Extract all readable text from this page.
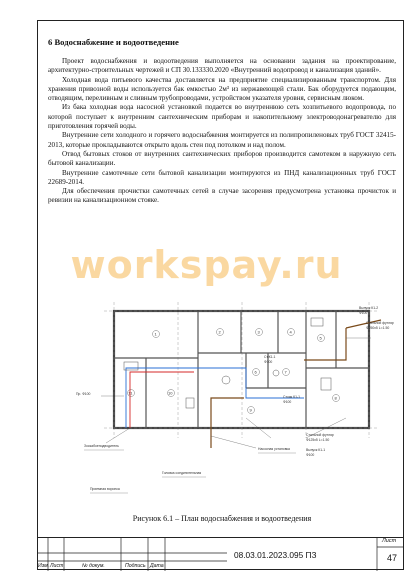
6 Водоснабжение и водоотведение

Проект водоснабжения и водоотведения выполняется на основании задания на проектирование, архитектурно-строительных чертежей и СП 30.133330.2020 «Внутренний водопровод и канализация зданий».

Холодная вода питьевого качества доставляется на предприятие специализированным транспортом. Для хранения привозной воды используется бак емкостью 2м³ из нержавеющей стали. Бак оборудуется подающим, отводящим, переливным и сливным трубопроводами, устройством указателя уровня, сервисным люком.

Из бака холодная вода насосной установкой подается во внутреннюю сеть хозпитьевого водопровода, по которой поступает к внутренним сантехническим приборам и накопительному электроводонагревателю для приготовления горячей воды.

Внутренние сети холодного и горячего водоснабжения монтируется из полипропиленовых труб ГОСТ 32415-2013, которые прокладываются открыто вдоль стен под потолком и над полом.

Отвод бытовых стоков от внутренних сантехнических приборов производится самотеком в наружную сеть бытовой канализации.

Внутренние самотечные сети бытовой канализации монтируются из ПНД канализационных труб ГОСТ 22689-2014.

Для обеспечения прочистки самотечных сетей в случае засорения предусмотрена установка прочисток и ревизии на канализационном стояке.

workspay.ru
1	2	3	4
5
6	7
8
9
10
11
Выпуск К1-2
Ф100
Стальной футляр
Ф250х5 L=1.50
Ст.К1-1
Ф100
Стояк К1-1
Ф100
Стальной футляр
Ф125х5 L=1.50
Выпуск К1-1
Ф100
Пр. Ф100
Зоскабоеподводитель
Насосная установка
Головка соединительная
Приемная воронка
Рисунок 6.1 – План водоснабжения и водоотведения
Изм. Лист	№ докум.	Подпись Дата
08.03.01.2023.095 ПЗ
Лист
47
